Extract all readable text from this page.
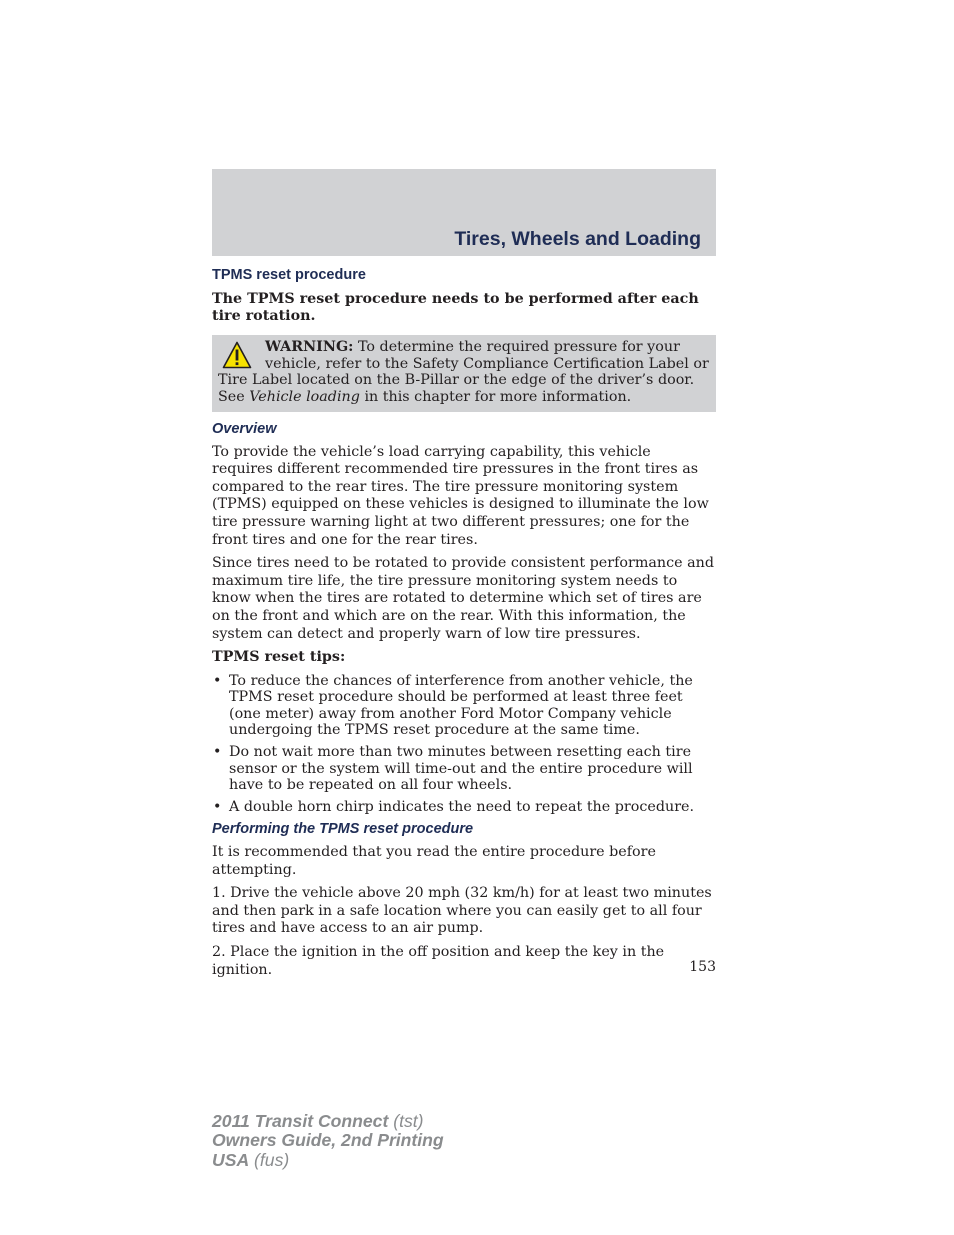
Tires, Wheels and Loading
TPMS reset procedure

The TPMS reset procedure needs to be performed after each tire rotation.

WARNING: To determine the required pressure for your vehicle, refer to the Safety Compliance Certification Label or Tire Label located on the B-Pillar or the edge of the driver’s door. See Vehicle loading in this chapter for more information.
Overview

To provide the vehicle’s load carrying capability, this vehicle requires different recommended tire pressures in the front tires as compared to the rear tires. The tire pressure monitoring system (TPMS) equipped on these vehicles is designed to illuminate the low tire pressure warning light at two different pressures; one for the front tires and one for the rear tires.

Since tires need to be rotated to provide consistent performance and maximum tire life, the tire pressure monitoring system needs to know when the tires are rotated to determine which set of tires are on the front and which are on the rear. With this information, the system can detect and properly warn of low tire pressures.

TPMS reset tips:

• To reduce the chances of interference from another vehicle, the TPMS reset procedure should be performed at least three feet (one meter) away from another Ford Motor Company vehicle undergoing the TPMS reset procedure at the same time.
• Do not wait more than two minutes between resetting each tire sensor or the system will time-out and the entire procedure will have to be repeated on all four wheels.
• A double horn chirp indicates the need to repeat the procedure.
Performing the TPMS reset procedure

It is recommended that you read the entire procedure before attempting.

1. Drive the vehicle above 20 mph (32 km/h) for at least two minutes and then park in a safe location where you can easily get to all four tires and have access to an air pump.

2. Place the ignition in the off position and keep the key in the ignition.	153
2011 Transit Connect (tst)
Owners Guide, 2nd Printing
USA (fus)
